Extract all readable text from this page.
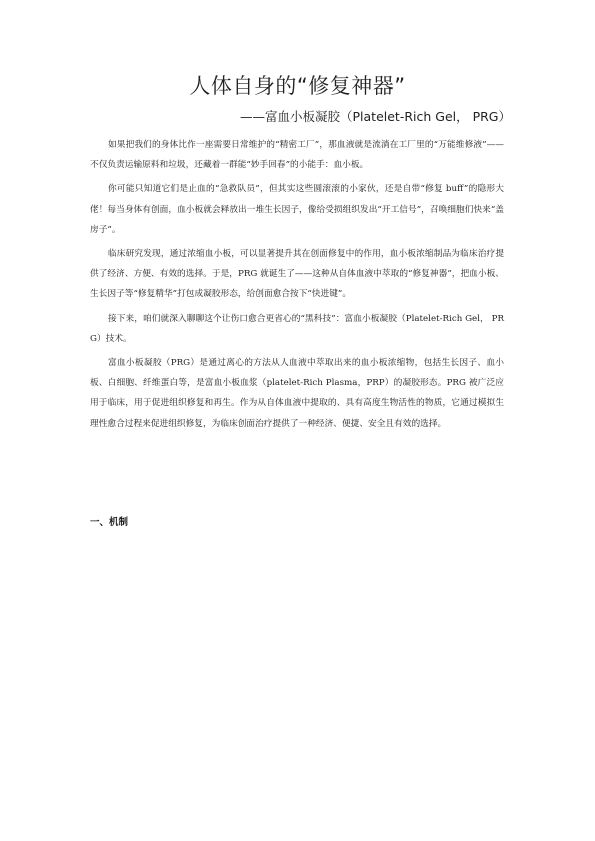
人体自身的“修复神器”
——富血小板凝胶（Platelet-Rich Gel， PRG）

如果把我们的身体比作一座需要日常维护的“精密工厂”，那血液就是流淌在工厂里的“万能维修液”——不仅负责运输原料和垃圾，还藏着一群能“妙手回春”的小能手：血小板。

你可能只知道它们是止血的“急救队员”，但其实这些圆滚滚的小家伙，还是自带“修复 buff”的隐形大佬！每当身体有创面，血小板就会释放出一堆生长因子，像给受损组织发出“开工信号”，召唤细胞们快来“盖房子”。

临床研究发现，通过浓缩血小板，可以显著提升其在创面修复中的作用，血小板浓缩制品为临床治疗提供了经济、方便、有效的选择。于是，PRG 就诞生了——这种从自体血液中萃取的“修复神器”，把血小板、生长因子等“修复精华”打包成凝胶形态，给创面愈合按下“快进键”。

接下来，咱们就深入聊聊这个让伤口愈合更省心的“黑科技”：富血小板凝胶（Platelet-Rich Gel， PRG）技术。

富血小板凝胶（PRG）是通过离心的方法从人血液中萃取出来的血小板浓缩物，包括生长因子、血小板、白细胞、纤维蛋白等，是富血小板血浆（platelet-Rich Plasma，PRP）的凝胶形态。PRG 被广泛应用于临床，用于促进组织修复和再生。作为从自体血液中提取的、具有高度生物活性的物质，它通过模拟生理性愈合过程来促进组织修复，为临床创面治疗提供了一种经济、便捷、安全且有效的选择。

一、机制
